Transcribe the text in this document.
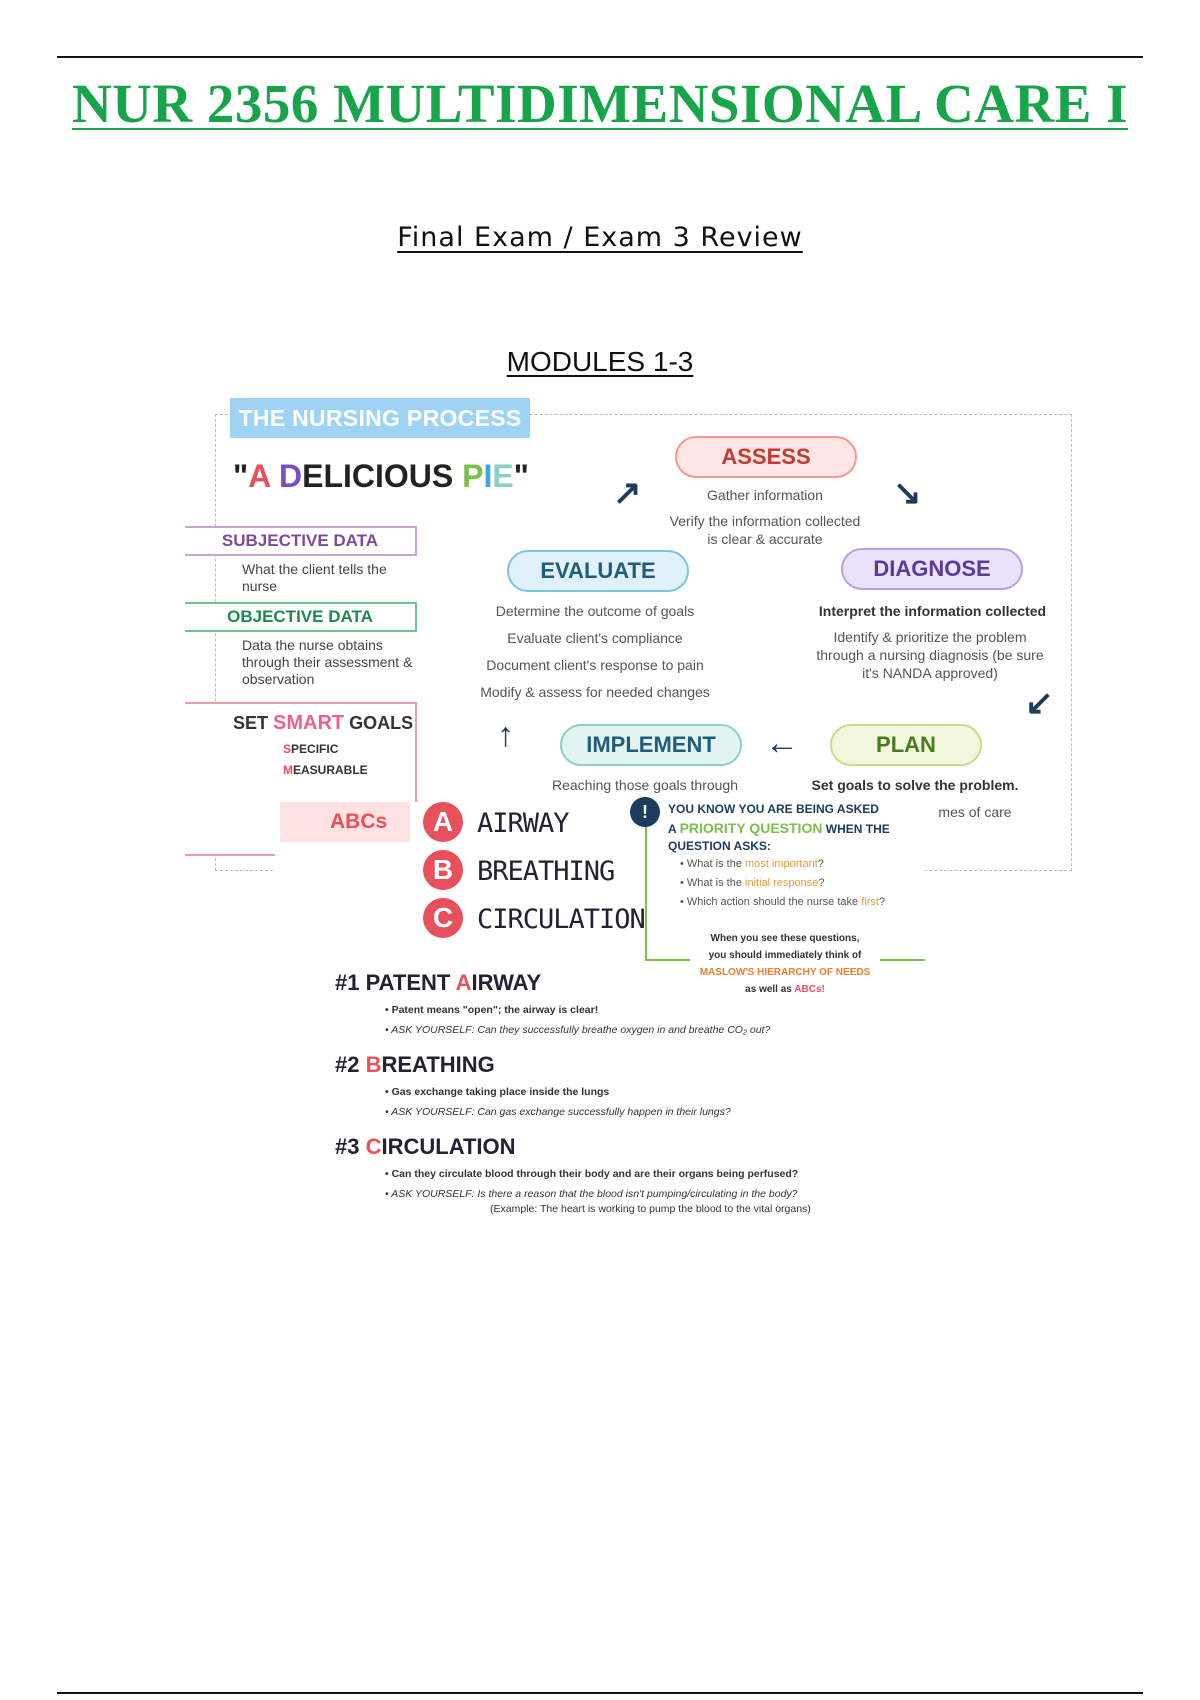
NUR 2356 MULTIDIMENSIONAL CARE I
Final Exam / Exam 3 Review
MODULES 1-3
THE NURSING PROCESS
"A DELICIOUS PIE"
SUBJECTIVE DATA
What the client tells the nurse
OBJECTIVE DATA
Data the nurse obtains through their assessment & observation
SET SMART GOALS
SPECIFIC
MEASURABLE
ASSESS
Gather information
Verify the information collected is clear & accurate
DIAGNOSE
Interpret the information collected
Identify & prioritize the problem through a nursing diagnosis (be sure it's NANDA approved)
PLAN
Set goals to solve the problem.
mes of care
IMPLEMENT
Reaching those goals through
EVALUATE
Determine the outcome of goals
Evaluate client's compliance
Document client's response to pain
Modify & assess for needed changes
↗	↘
↙
←
↑
ABCs	A AIRWAY
B BREATHING
C CIRCULATION
!	YOU KNOW YOU ARE BEING ASKED
A PRIORITY QUESTION WHEN THE
QUESTION ASKS:
• What is the most important?
• What is the initial response?
• Which action should the nurse take first?
When you see these questions,
you should immediately think of
MASLOW'S HIERARCHY OF NEEDS
as well as ABCs!
#1 PATENT AIRWAY
• Patent means "open"; the airway is clear!
• ASK YOURSELF: Can they successfully breathe oxygen in and breathe CO₂ out?
#2 BREATHING
• Gas exchange taking place inside the lungs
• ASK YOURSELF: Can gas exchange successfully happen in their lungs?
#3 CIRCULATION
• Can they circulate blood through their body and are their organs being perfused?
• ASK YOURSELF: Is there a reason that the blood isn't pumping/circulating in the body?
(Example: The heart is working to pump the blood to the vital organs)
